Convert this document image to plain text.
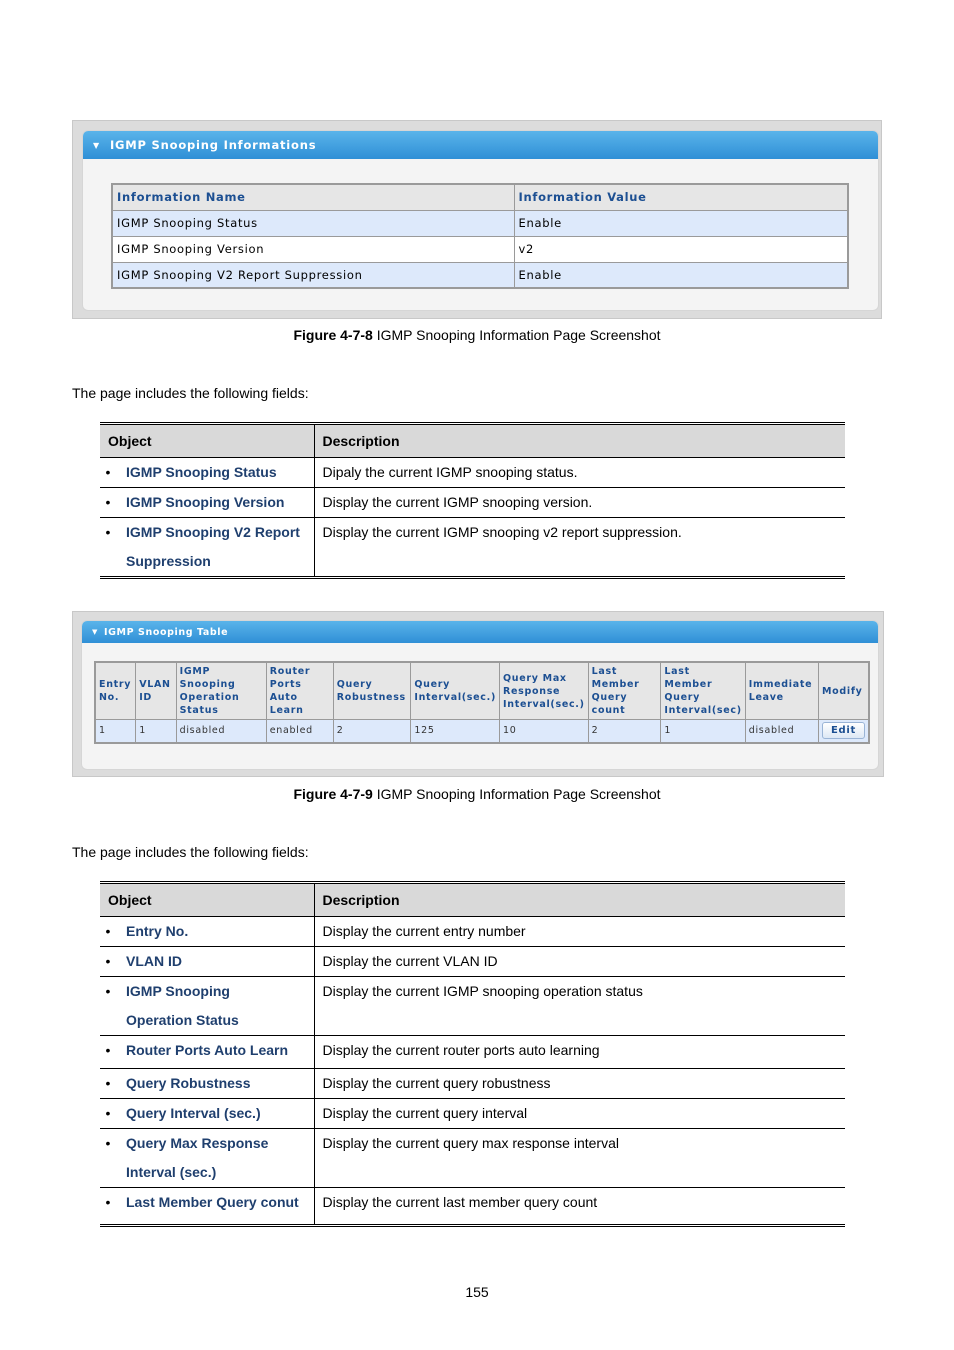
▼ IGMP Snooping Informations
Information Name	Information Value
IGMP Snooping Status	Enable
IGMP Snooping Version	v2
IGMP Snooping V2 Report Suppression	Enable
Figure 4-7-8 IGMP Snooping Information Page Screenshot
The page includes the following fields:
Object	Description

• IGMP Snooping Status	Dipaly the current IGMP snooping status.

• IGMP Snooping Version	Display the current IGMP snooping version.

• IGMP Snooping V2 Report
Suppression	Display the current IGMP snooping v2 report suppression.
▼ IGMP Snooping Table
Entry No.	VLAN ID	IGMP Snooping Operation Status	Router Ports Auto Learn	Query Robustness	Query Interval(sec.)	Query Max Response Interval(sec.)	Last Member Query count	Last Member Query Interval(sec)	Immediate Leave	Modify
1	1	disabled	enabled	2	125	10	2	1	disabled	Edit
Figure 4-7-9 IGMP Snooping Information Page Screenshot
The page includes the following fields:
Object	Description

• Entry No.	Display the current entry number

• VLAN ID	Display the current VLAN ID

• IGMP Snooping
Operation Status	Display the current IGMP snooping operation status

• Router Ports Auto Learn	Display the current router ports auto learning

• Query Robustness	Display the current query robustness

• Query Interval (sec.)	Display the current query interval

• Query Max Response
Interval (sec.)	Display the current query max response interval

• Last Member Query conut	Display the current last member query count
155
